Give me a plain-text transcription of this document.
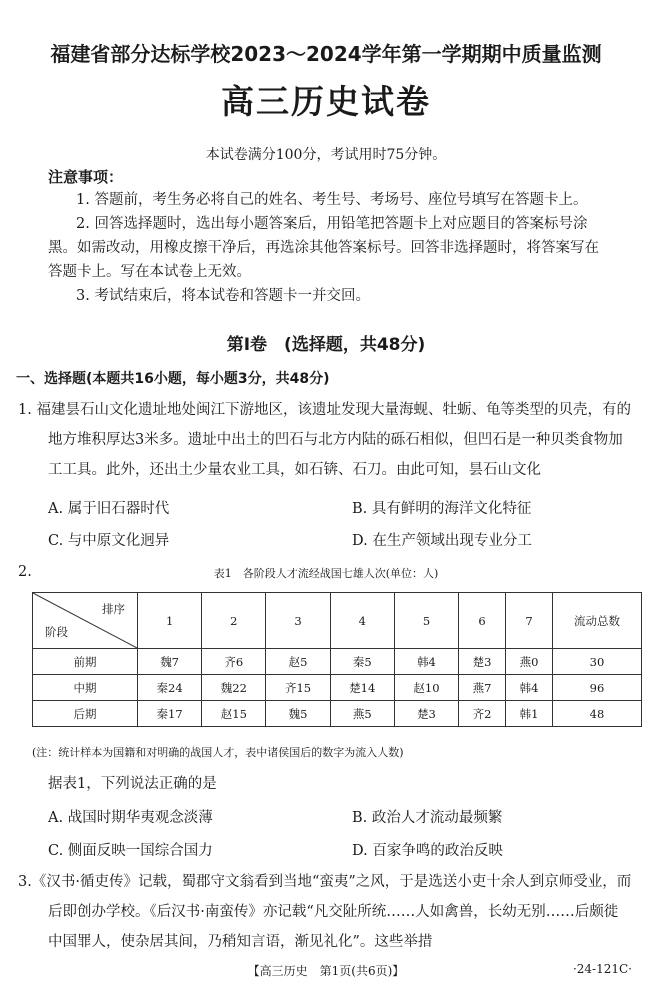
福建省部分达标学校2023～2024学年第一学期期中质量监测
高三历史试卷
本试卷满分100分，考试用时75分钟。
注意事项：
1. 答题前，考生务必将自己的姓名、考生号、考场号、座位号填写在答题卡上。
2. 回答选择题时，选出每小题答案后，用铅笔把答题卡上对应题目的答案标号涂
黑。如需改动，用橡皮擦干净后，再选涂其他答案标号。回答非选择题时，将答案写在
答题卡上。写在本试卷上无效。
3. 考试结束后，将本试卷和答题卡一并交回。
第Ⅰ卷　(选择题，共48分)
一、选择题(本题共16小题，每小题3分，共48分)
1. 福建昙石山文化遗址地处闽江下游地区，该遗址发现大量海蚬、牡蛎、龟等类型的贝壳，有的
地方堆积厚达3米多。遗址中出土的凹石与北方内陆的砾石相似，但凹石是一种贝类食物加
工工具。此外，还出土少量农业工具，如石锛、石刀。由此可知，昙石山文化
A. 属于旧石器时代	B. 具有鲜明的海洋文化特征
C. 与中原文化迥异	D. 在生产领域出现专业分工
2.	表1　各阶段人才流经战国七雄人次(单位：人)
排序
阶段	1	2	3	4	5	6	7	流动总数
前期	魏7	齐6	赵5	秦5	韩4	楚3	燕0	30
中期	秦24	魏22	齐15	楚14	赵10	燕7	韩4	96
后期	秦17	赵15	魏5	燕5	楚3	齐2	韩1	48
(注：统计样本为国籍和对明确的战国人才，表中诸侯国后的数字为流入人数)
据表1，下列说法正确的是
A. 战国时期华夷观念淡薄	B. 政治人才流动最频繁
C. 侧面反映一国综合国力	D. 百家争鸣的政治反映
3.《汉书·循吏传》记载，蜀郡守文翁看到当地“蛮夷”之风，于是选送小吏十余人到京师受业，而
后即创办学校。《后汉书·南蛮传》亦记载“凡交阯所统……人如禽兽，长幼无别……后颇徙
中国罪人，使杂居其间，乃稍知言语，渐见礼化”。这些举措
【高三历史　第1页(共6页)】	·24-121C·
